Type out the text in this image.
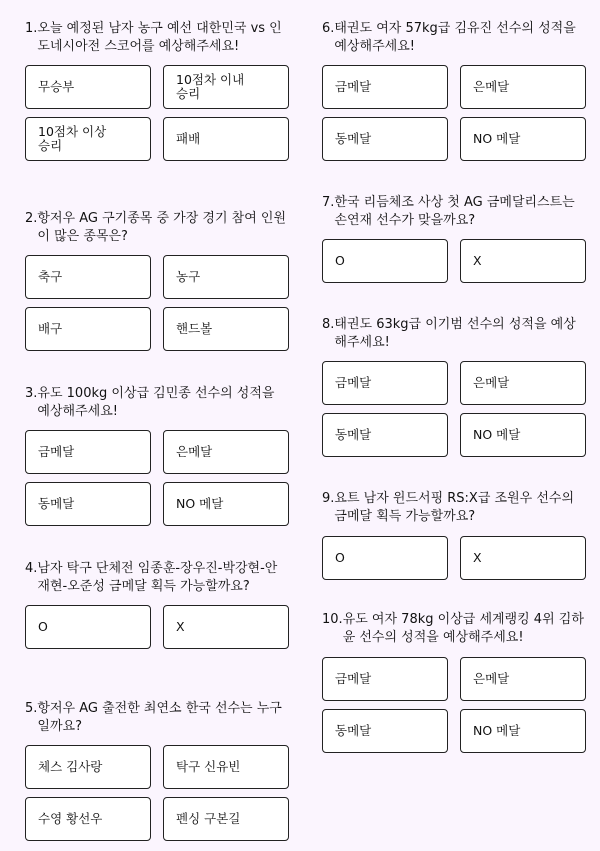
1. 오늘 예정된 남자 농구 예선 대한민국 vs 인도네시아전 스코어를 예상해주세요!
무승부	10점차 이내
승리
10점차 이상
승리	패배
2. 항저우 AG 구기종목 중 가장 경기 참여 인원이 많은 종목은?
축구	농구
배구	핸드볼
3. 유도 100kg 이상급 김민종 선수의 성적을 예상해주세요!
금메달	은메달
동메달	NO 메달
4. 남자 탁구 단체전 임종훈-장우진-박강현-안재현-오준성 금메달 획득 가능할까요?
O	X
5. 항저우 AG 출전한 최연소 한국 선수는 누구일까요?
체스 김사랑	탁구 신유빈
수영 황선우	펜싱 구본길
6. 태권도 여자 57kg급 김유진 선수의 성적을 예상해주세요!
금메달	은메달
동메달	NO 메달
7. 한국 리듬체조 사상 첫 AG 금메달리스트는 손연재 선수가 맞을까요?
O	X
8. 태권도 63kg급 이기범 선수의 성적을 예상해주세요!
금메달	은메달
동메달	NO 메달
9. 요트 남자 윈드서핑 RS:X급 조원우 선수의 금메달 획득 가능할까요?
O	X
10. 유도 여자 78kg 이상급 세계랭킹 4위 김하윤 선수의 성적을 예상해주세요!
금메달	은메달
동메달	NO 메달
